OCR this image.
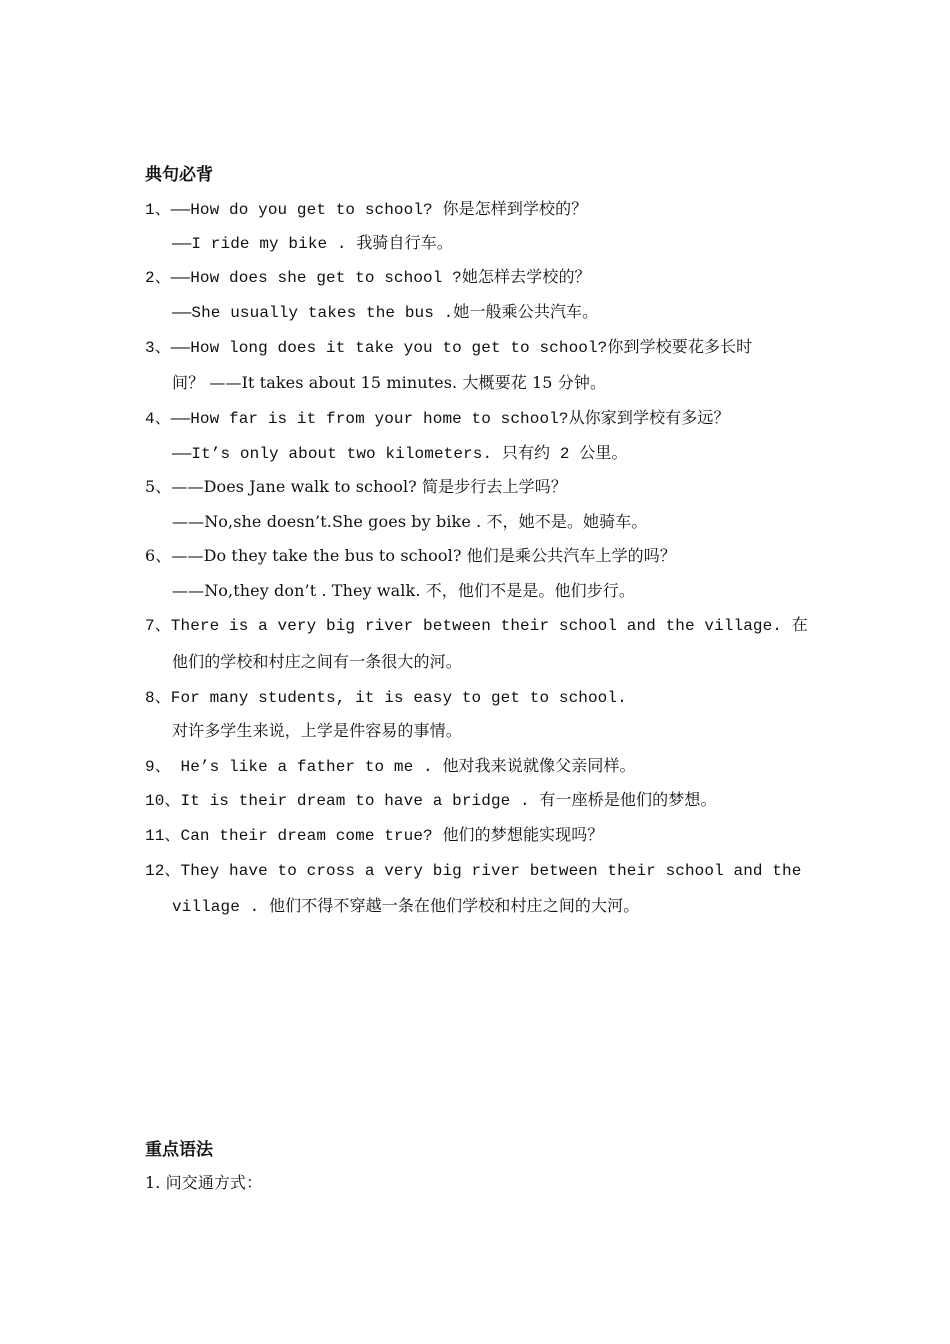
典句必背
1、——How do you get to school? 你是怎样到学校的？
——I ride my bike . 我骑自行车。
2、——How does she get to school ?她怎样去学校的？
——She usually takes the bus .她一般乘公共汽车。
3、——How long does it take you to get to school?你到学校要花多长时
间？ ——It takes about 15 minutes. 大概要花 15 分钟。
4、——How far is it from your home to school?从你家到学校有多远？
——It’s only about two kilometers. 只有约 2 公里。
5、——Does Jane walk to school? 简是步行去上学吗？
——No,she doesn’t.She goes by bike . 不，她不是。她骑车。
6、——Do they take the bus to school? 他们是乘公共汽车上学的吗？
——No,they don’t . They walk. 不，他们不是是。他们步行。
7、There is a very big river between their school and the village. 在
他们的学校和村庄之间有一条很大的河。
8、For many students, it is easy to get to school.
对许多学生来说，上学是件容易的事情。
9、 He’s like a father to me . 他对我来说就像父亲同样。
10、It is their dream to have a bridge . 有一座桥是他们的梦想。
11、Can their dream come true? 他们的梦想能实现吗？
12、They have to cross a very big river between their school and the
village . 他们不得不穿越一条在他们学校和村庄之间的大河。
重点语法
1. 问交通方式：
